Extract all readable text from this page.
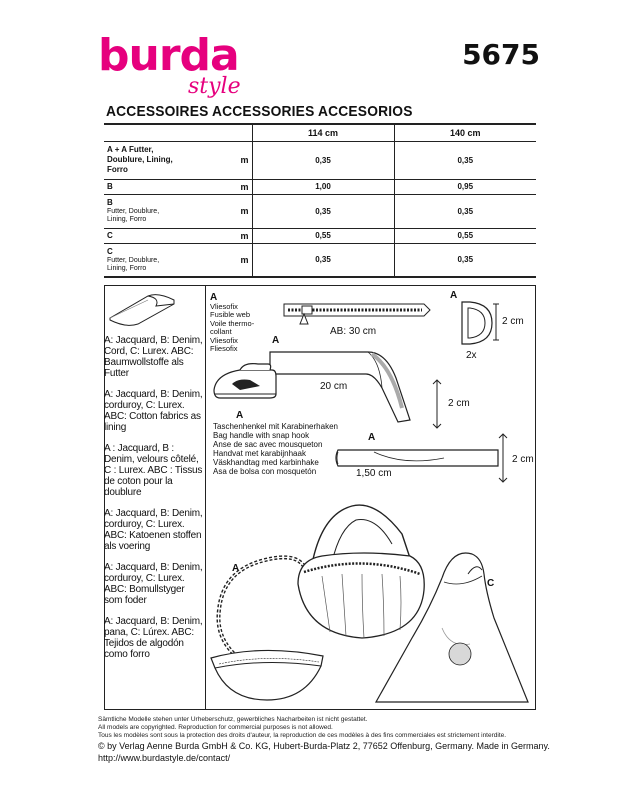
burda
style
5675
ACCESSOIRES ACCESSORIES ACCESORIOS
		114 cm	140 cm
A + A Futter, Doublure, Lining, Forro	m	0,35	0,35
B	m	1,00	0,95

B
Futter, Doublure, Lining, Forro	m	0,35	0,35
C	m	0,55	0,55

C
Futter, Doublure, Lining, Forro	m	0,35	0,35

A: Jacquard, B: Denim, Cord, C: Lurex. ABC: Baumwollstoffe als Futter

A: Jacquard, B: Denim, corduroy, C: Lurex. ABC: Cotton fabrics as lining

A : Jacquard, B : Denim, velours côtelé, C : Lurex. ABC : Tissus de coton pour la doublure

A: Jacquard, B: Denim, corduroy, C: Lurex. ABC: Katoenen stoffen als voering

A: Jacquard, B: Denim, corduroy, C: Lurex. ABC: Bomullstyger som foder

A: Jacquard, B: Denim, pana, C: Lúrex. ABC: Tejidos de algodón como forro

A
Vliesofix
Fusible web
Voile thermo-
collant
Vliesofix
Fliesofix
AB: 30 cm
A
2 cm
2x
A
20 cm
2 cm
A
A
Taschenhenkel mit Karabinerhaken
Bag handle with snap hook
Anse de sac avec mousqueton
Handvat met karabijnhaak
Väskhandtag med karbinhake
Asa de bolsa con mosquetón	1,50 cm
2 cm
A
C
Sämtliche Modelle stehen unter Urheberschutz, gewerbliches Nacharbeiten ist nicht gestattet.
All models are copyrighted. Reproduction for commercial purposes is not allowed.
Tous les modèles sont sous la protection des droits d'auteur, la reproduction de ces modèles à des fins commerciales est strictement interdite.
© by Verlag Aenne Burda GmbH & Co. KG, Hubert-Burda-Platz 2, 77652 Offenburg, Germany. Made in Germany.
http://www.burdastyle.de/contact/
